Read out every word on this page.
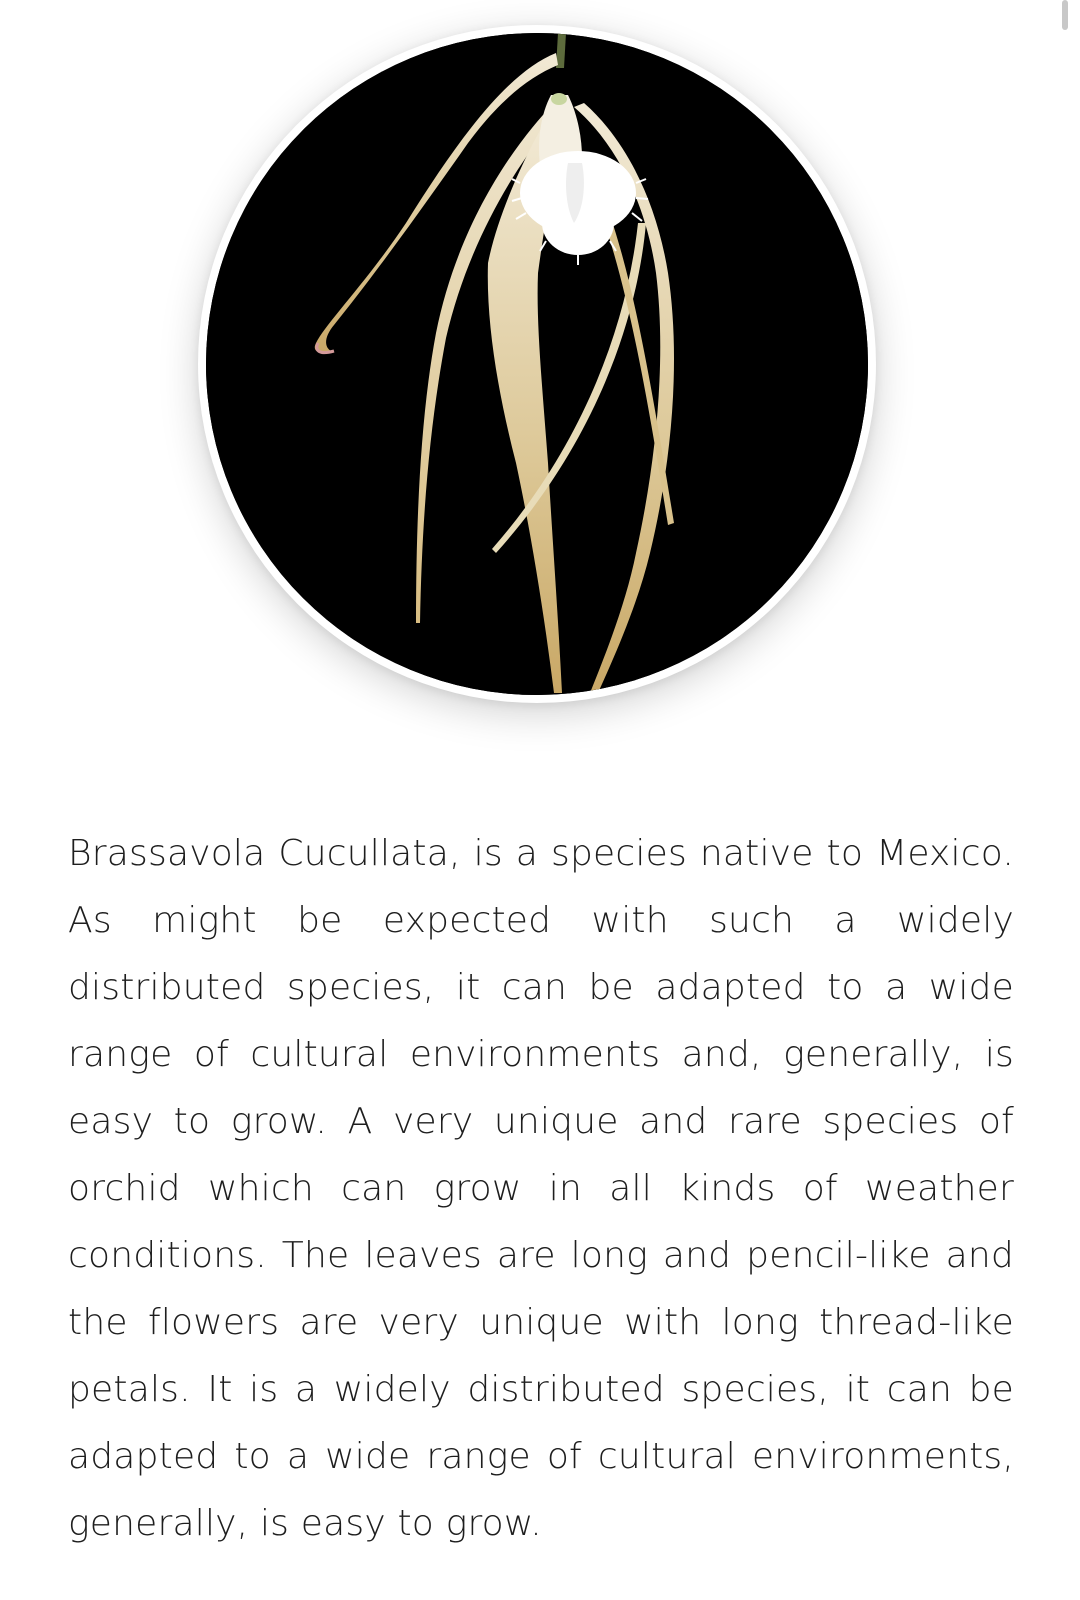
Brassavola Cucullata, is a species native to Mexico. As might be expected with such a widely distributed species, it can be adapted to a wide range of cultural environments and, generally, is easy to grow. A very unique and rare species of orchid which can grow in all kinds of weather conditions. The leaves are long and pencil-like and the flowers are very unique with long thread-like petals. It is a widely distributed species, it can be adapted to a wide range of cultural environments, generally, is easy to grow.
